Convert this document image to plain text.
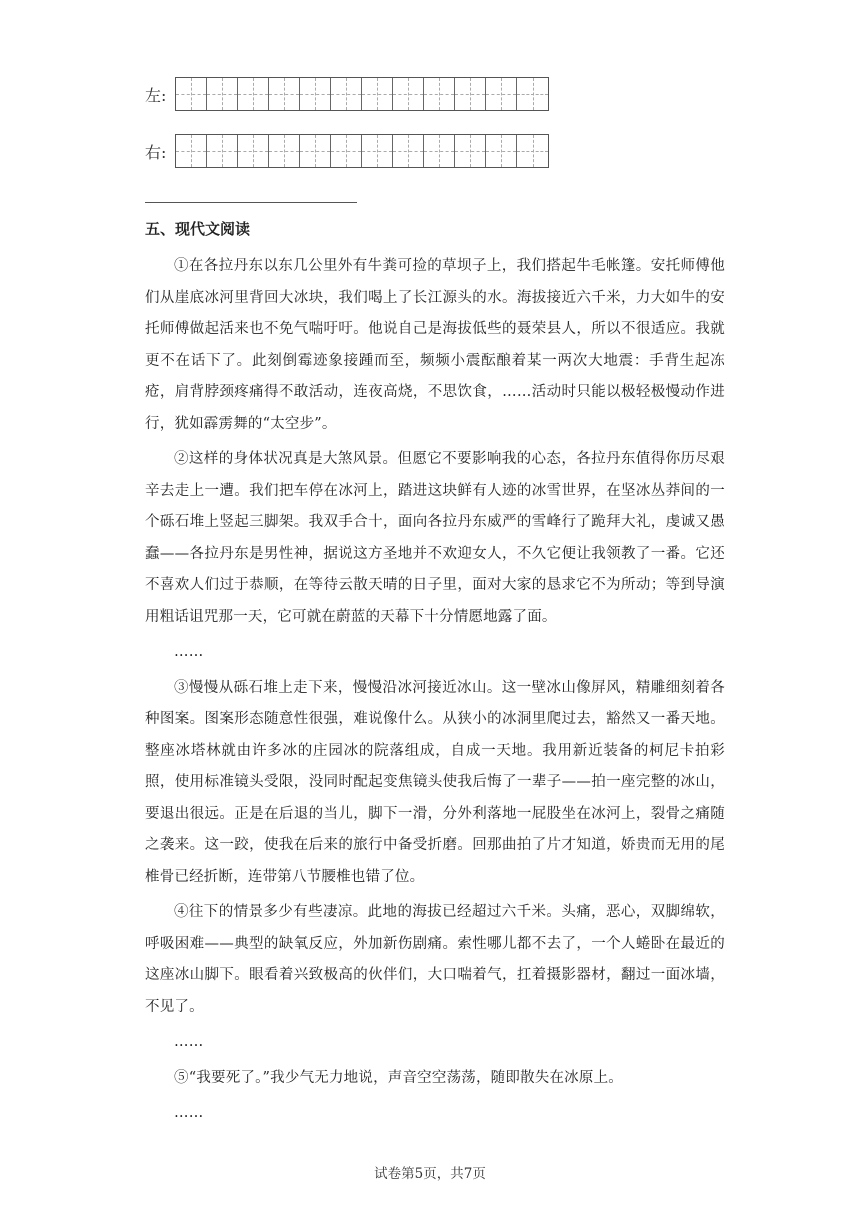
左:
右:
五、现代文阅读

①在各拉丹东以东几公里外有牛粪可捡的草坝子上，我们搭起牛毛帐篷。安托师傅他们从崖底冰河里背回大冰块，我们喝上了长江源头的水。海拔接近六千米，力大如牛的安托师傅做起活来也不免气喘吁吁。他说自己是海拔低些的聂荣县人，所以不很适应。我就更不在话下了。此刻倒霉迹象接踵而至，频频小震酝酿着某一两次大地震：手背生起冻疮，肩背脖颈疼痛得不敢活动，连夜高烧，不思饮食，……活动时只能以极轻极慢动作进行，犹如霹雳舞的“太空步”。

②这样的身体状况真是大煞风景。但愿它不要影响我的心态，各拉丹东值得你历尽艰辛去走上一遭。我们把车停在冰河上，踏进这块鲜有人迹的冰雪世界，在坚冰丛莽间的一个砾石堆上竖起三脚架。我双手合十，面向各拉丹东威严的雪峰行了跪拜大礼，虔诚又愚蠢——各拉丹东是男性神，据说这方圣地并不欢迎女人，不久它便让我领教了一番。它还不喜欢人们过于恭顺，在等待云散天晴的日子里，面对大家的恳求它不为所动；等到导演用粗话诅咒那一天，它可就在蔚蓝的天幕下十分情愿地露了面。

……

③慢慢从砾石堆上走下来，慢慢沿冰河接近冰山。这一壁冰山像屏风，精雕细刻着各种图案。图案形态随意性很强，难说像什么。从狭小的冰洞里爬过去，豁然又一番天地。整座冰塔林就由许多冰的庄园冰的院落组成，自成一天地。我用新近装备的柯尼卡拍彩照，使用标准镜头受限，没同时配起变焦镜头使我后悔了一辈子——拍一座完整的冰山，要退出很远。正是在后退的当儿，脚下一滑，分外利落地一屁股坐在冰河上，裂骨之痛随之袭来。这一跤，使我在后来的旅行中备受折磨。回那曲拍了片才知道，娇贵而无用的尾椎骨已经折断，连带第八节腰椎也错了位。

④往下的情景多少有些凄凉。此地的海拔已经超过六千米。头痛，恶心，双脚绵软，呼吸困难——典型的缺氧反应，外加新伤剧痛。索性哪儿都不去了，一个人蜷卧在最近的这座冰山脚下。眼看着兴致极高的伙伴们，大口喘着气，扛着摄影器材，翻过一面冰墙，不见了。

……

⑤“我要死了。”我少气无力地说，声音空空荡荡，随即散失在冰原上。

……

试卷第5页，共7页
